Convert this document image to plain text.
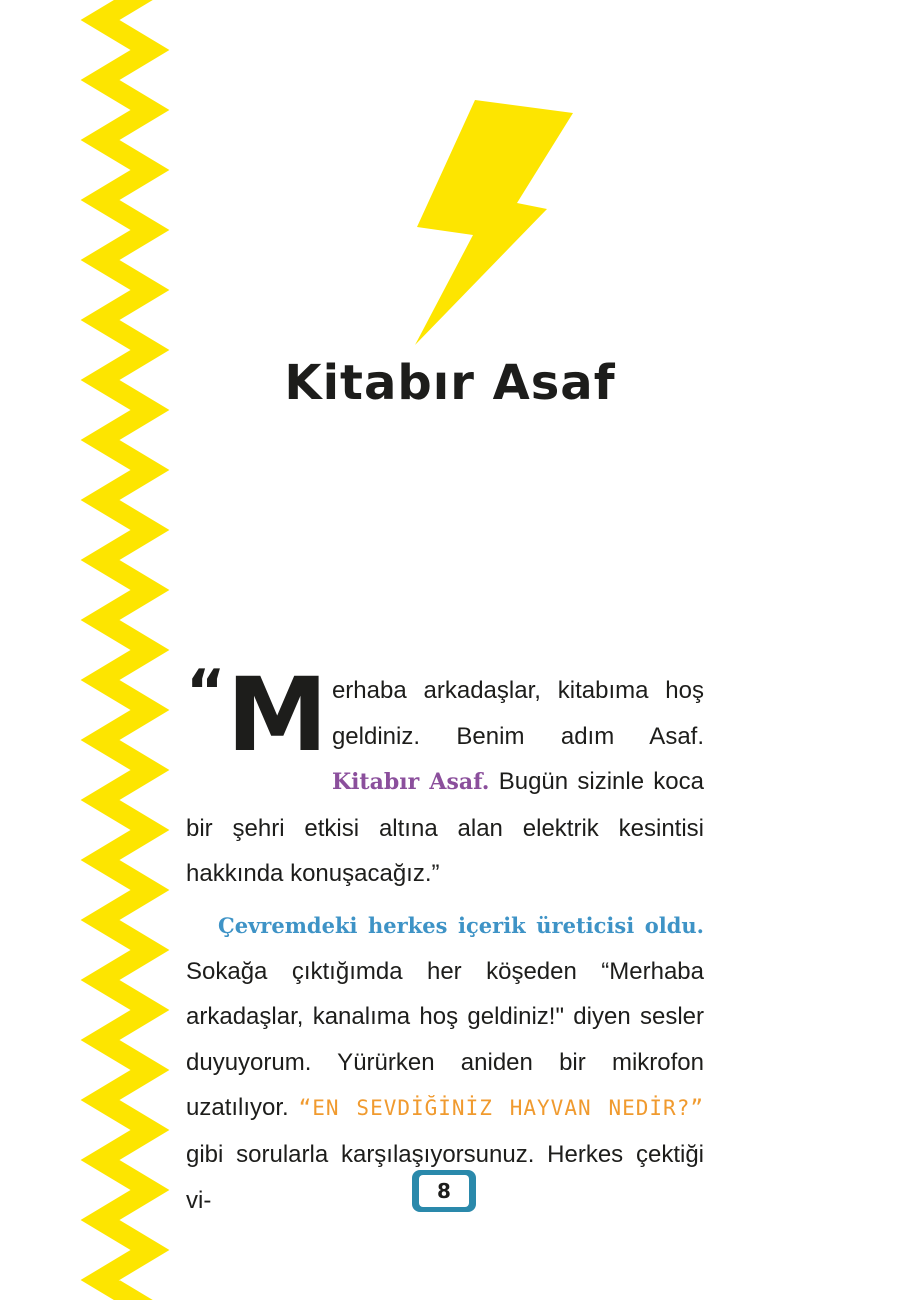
Kitabır Asaf

“ M erhaba arkadaşlar, kitabıma hoş geldiniz. Benim adım Asaf. Kitabır Asaf. Bugün sizinle koca bir şehri etkisi altına alan elektrik kesintisi hakkında konuşacağız.”

Çevremdeki herkes içerik üreticisi oldu. Sokağa çıktığımda her köşeden “Merhaba arkadaşlar, kanalıma hoş geldiniz!" diyen sesler duyuyorum. Yürürken aniden bir mikrofon uzatılıyor. “EN SEVDİĞİNİZ HAYVAN NEDİR?” gibi sorularla karşılaşıyorsunuz. Herkes çektiği vi-	8
